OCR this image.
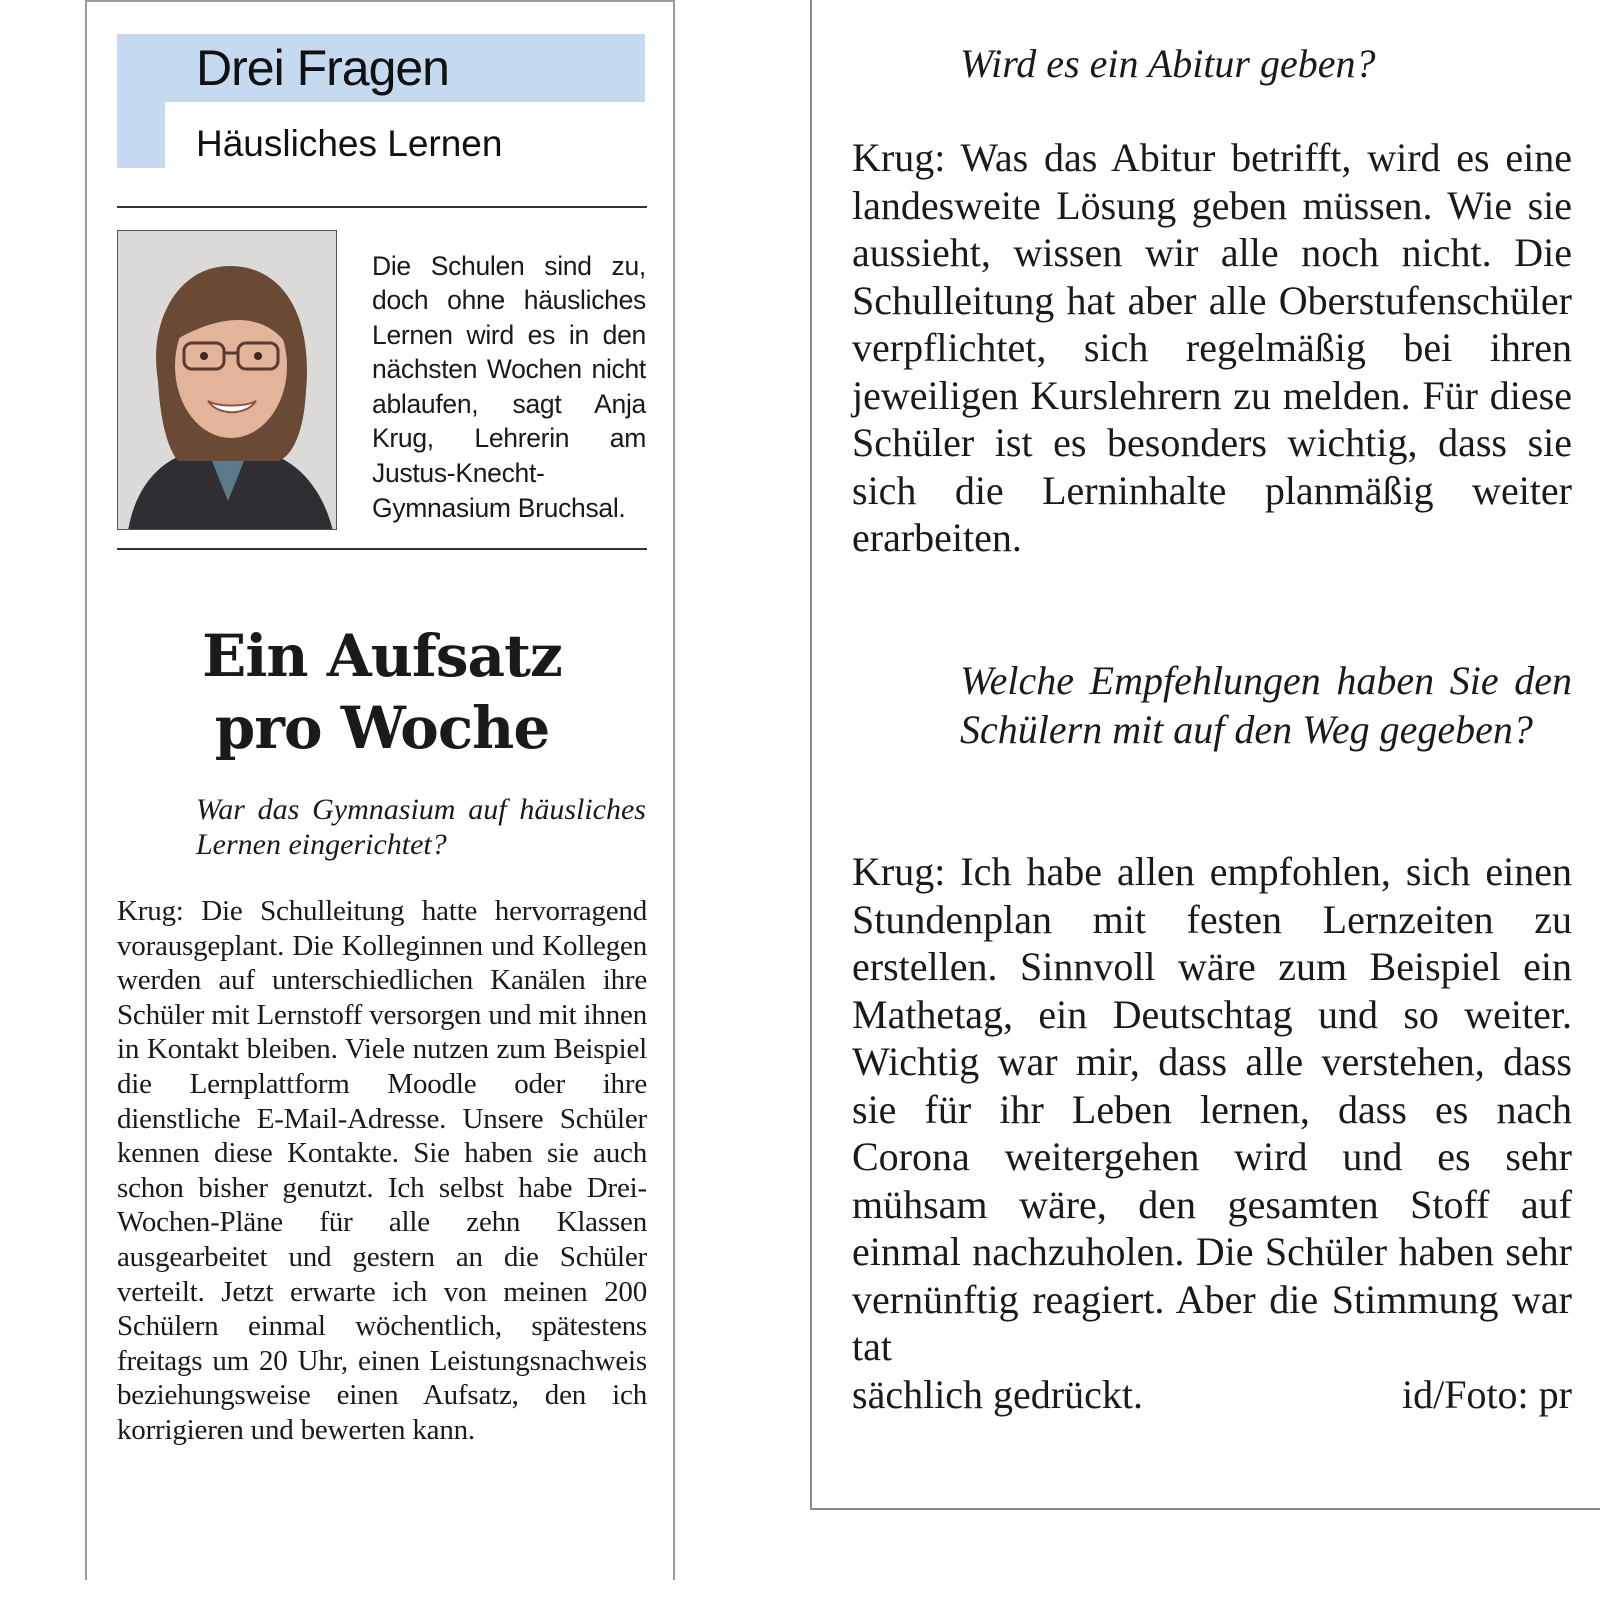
Drei Fragen
Häusliches Lernen

Die Schulen sind zu, doch ohne häusliches Lernen wird es in den nächsten Wochen nicht ablaufen, sagt Anja Krug, Lehrerin am Justus-Knecht-Gymnasium Bruchsal.

Ein Aufsatz
pro Woche

War das Gymnasium auf häusliches Lernen eingerichtet?

Krug: Die Schulleitung hatte hervorragend vorausgeplant. Die Kolleginnen und Kollegen werden auf unterschiedlichen Kanälen ihre Schüler mit Lernstoff versorgen und mit ihnen in Kontakt bleiben. Viele nutzen zum Beispiel die Lernplattform Moodle oder ihre dienstliche E-Mail-Adresse. Unsere Schüler kennen diese Kontakte. Sie haben sie auch schon bisher genutzt. Ich selbst habe Drei-Wochen-Pläne für alle zehn Klassen ausgearbeitet und gestern an die Schüler verteilt. Jetzt erwarte ich von meinen 200 Schülern einmal wöchentlich, spätestens freitags um 20 Uhr, einen Leistungsnachweis beziehungsweise einen Aufsatz, den ich korrigieren und bewerten kann.

Wird es ein Abitur geben?

Krug: Was das Abitur betrifft, wird es eine landesweite Lösung geben müssen. Wie sie aussieht, wissen wir alle noch nicht. Die Schulleitung hat aber alle Oberstufenschüler verpflichtet, sich regelmäßig bei ihren jeweiligen Kurslehrern zu melden. Für diese Schüler ist es besonders wichtig, dass sie sich die Lerninhalte planmäßig weiter erarbeiten.

Welche Empfehlungen haben Sie den Schülern mit auf den Weg gegeben?

Krug: Ich habe allen empfohlen, sich einen Stundenplan mit festen Lernzeiten zu erstellen. Sinnvoll wäre zum Beispiel ein Mathetag, ein Deutschtag und so weiter. Wichtig war mir, dass alle verstehen, dass sie für ihr Leben lernen, dass es nach Corona weitergehen wird und es sehr mühsam wäre, den gesamten Stoff auf einmal nachzuholen. Die Schüler haben sehr vernünftig reagiert. Aber die Stimmung war tat

sächlich gedrückt.	id/Foto: pr
